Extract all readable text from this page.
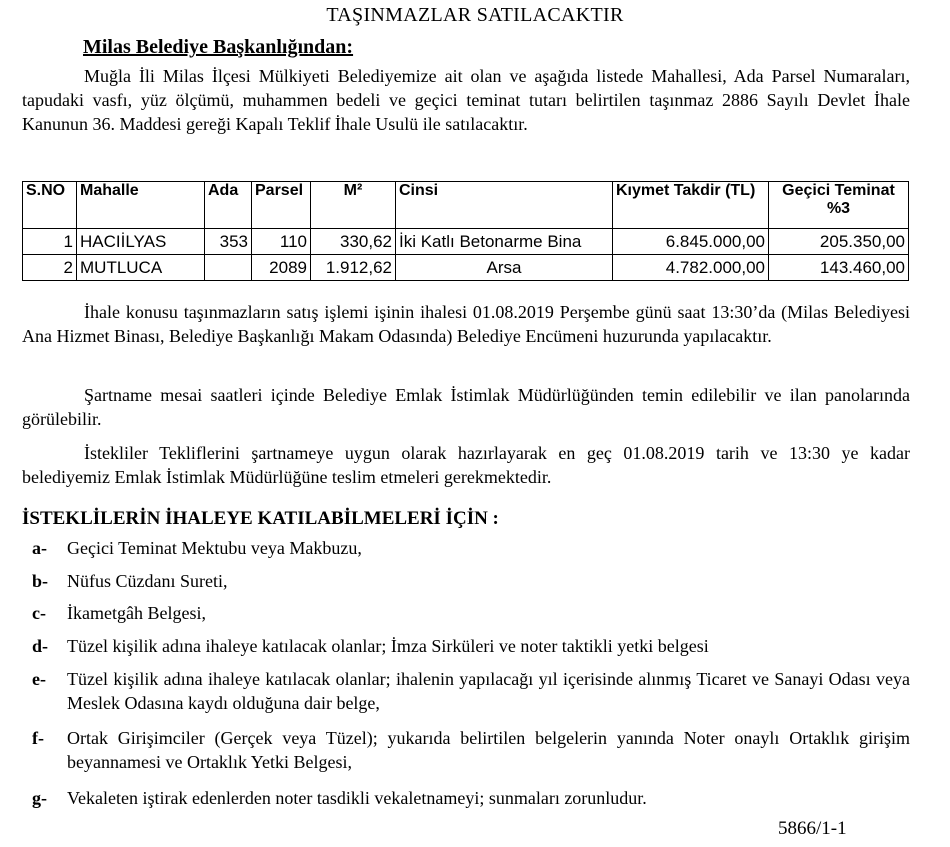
TAŞINMAZLAR SATILACAKTIR
Milas Belediye Başkanlığından:
Muğla İli Milas İlçesi Mülkiyeti Belediyemize ait olan ve aşağıda listede Mahallesi, Ada Parsel Numaraları, tapudaki vasfı, yüz ölçümü, muhammen bedeli ve geçici teminat tutarı belirtilen taşınmaz 2886 Sayılı Devlet İhale Kanunun 36. Maddesi gereği Kapalı Teklif İhale Usulü ile satılacaktır.
S.NO	Mahalle	Ada	Parsel	M²	Cinsi	Kıymet Takdir (TL)	Geçici Teminat %3
1	HACIİLYAS	353	110	330,62	İki Katlı Betonarme Bina	6.845.000,00	205.350,00
2	MUTLUCA		2089	1.912,62	Arsa	4.782.000,00	143.460,00
İhale konusu taşınmazların satış işlemi işinin ihalesi 01.08.2019 Perşembe günü saat 13:30’da (Milas Belediyesi Ana Hizmet Binası, Belediye Başkanlığı Makam Odasında) Belediye Encümeni huzurunda yapılacaktır.
Şartname mesai saatleri içinde Belediye Emlak İstimlak Müdürlüğünden temin edilebilir ve ilan panolarında görülebilir.
İstekliler Tekliflerini şartnameye uygun olarak hazırlayarak en geç 01.08.2019 tarih ve 13:30 ye kadar belediyemiz Emlak İstimlak Müdürlüğüne teslim etmeleri gerekmektedir.
İSTEKLİLERİN İHALEYE KATILABİLMELERİ İÇİN :
a- Geçici Teminat Mektubu veya Makbuzu,
b- Nüfus Cüzdanı Sureti,
c- İkametgâh Belgesi,
d- Tüzel kişilik adına ihaleye katılacak olanlar; İmza Sirküleri ve noter taktikli yetki belgesi
e- Tüzel kişilik adına ihaleye katılacak olanlar; ihalenin yapılacağı yıl içerisinde alınmış Ticaret ve Sanayi Odası veya Meslek Odasına kaydı olduğuna dair belge,
f- Ortak Girişimciler (Gerçek veya Tüzel); yukarıda belirtilen belgelerin yanında Noter onaylı Ortaklık girişim beyannamesi ve Ortaklık Yetki Belgesi,
g- Vekaleten iştirak edenlerden noter tasdikli vekaletnameyi; sunmaları zorunludur.
5866/1-1
